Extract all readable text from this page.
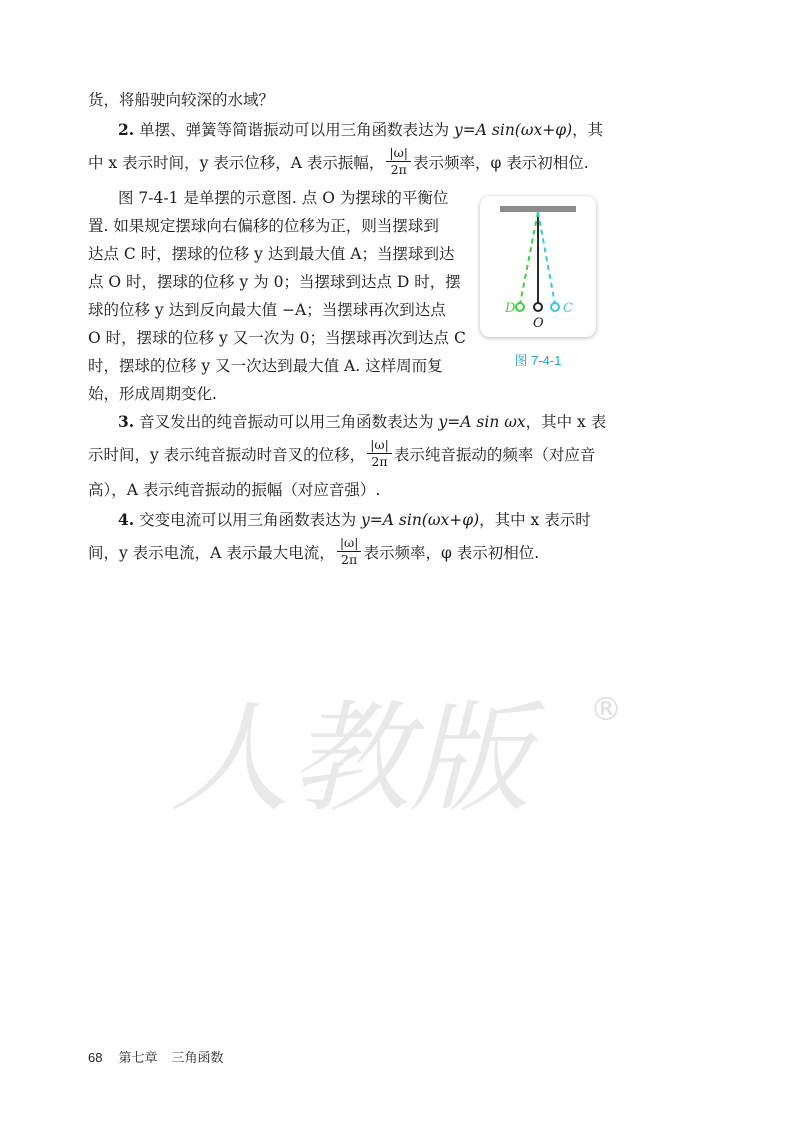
货，将船驶向较深的水域？
2. 单摆、弹簧等简谐振动可以用三角函数表达为 y=A sin(ωx+φ)，其
中 x 表示时间，y 表示位移，A 表示振幅， $\frac{|\omega|}{2\pi}$ 表示频率，φ 表示初相位.
图 7-4-1 是单摆的示意图. 点 O 为摆球的平衡位
置. 如果规定摆球向右偏移的位移为正，则当摆球到
达点 C 时，摆球的位移 y 达到最大值 A；当摆球到达
点 O 时，摆球的位移 y 为 0；当摆球到达点 D 时，摆
球的位移 y 达到反向最大值 −A；当摆球再次到达点
O 时，摆球的位移 y 又一次为 0；当摆球再次到达点 C
时，摆球的位移 y 又一次达到最大值 A. 这样周而复
始，形成周期变化.
3. 音叉发出的纯音振动可以用三角函数表达为 y=A sin ωx，其中 x 表
示时间，y 表示纯音振动时音叉的位移， $\frac{|\omega|}{2\pi}$ 表示纯音振动的频率（对应音
高），A 表示纯音振动的振幅（对应音强）.
4. 交变电流可以用三角函数表达为 y=A sin(ωx+φ)，其中 x 表示时
间，y 表示电流，A 表示最大电流， $\frac{|\omega|}{2\pi}$ 表示频率，φ 表示初相位.
D
O
C
图 7-4-1
人教版	®
68 第七章 三角函数
